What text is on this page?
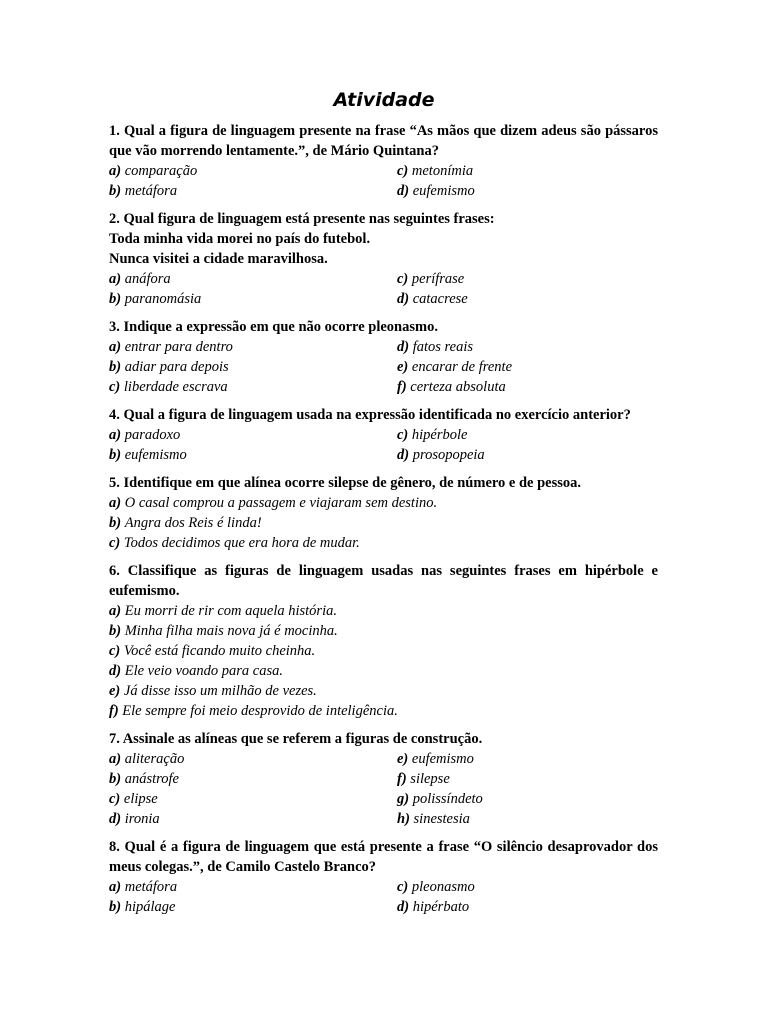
Atividade
1. Qual a figura de linguagem presente na frase “As mãos que dizem adeus são pássaros que vão morrendo lentamente.”, de Mário Quintana?
a) comparação	c) metonímia
b) metáfora	d) eufemismo
2. Qual figura de linguagem está presente nas seguintes frases:
Toda minha vida morei no país do futebol.
Nunca visitei a cidade maravilhosa.
a) anáfora	c) perífrase
b) paranomásia	d) catacrese
3. Indique a expressão em que não ocorre pleonasmo.
a) entrar para dentro	d) fatos reais
b) adiar para depois	e) encarar de frente
c) liberdade escrava	f) certeza absoluta
4. Qual a figura de linguagem usada na expressão identificada no exercício anterior?
a) paradoxo	c) hipérbole
b) eufemismo	d) prosopopeia
5. Identifique em que alínea ocorre silepse de gênero, de número e de pessoa.
a) O casal comprou a passagem e viajaram sem destino.
b) Angra dos Reis é linda!
c) Todos decidimos que era hora de mudar.
6. Classifique as figuras de linguagem usadas nas seguintes frases em hipérbole e eufemismo.
a) Eu morri de rir com aquela história.
b) Minha filha mais nova já é mocinha.
c) Você está ficando muito cheinha.
d) Ele veio voando para casa.
e) Já disse isso um milhão de vezes.
f) Ele sempre foi meio desprovido de inteligência.
7. Assinale as alíneas que se referem a figuras de construção.
a) aliteração	e) eufemismo
b) anástrofe	f) silepse
c) elipse	g) polissíndeto
d) ironia	h) sinestesia
8. Qual é a figura de linguagem que está presente a frase “O silêncio desaprovador dos meus colegas.”, de Camilo Castelo Branco?
a) metáfora	c) pleonasmo
b) hipálage	d) hipérbato
